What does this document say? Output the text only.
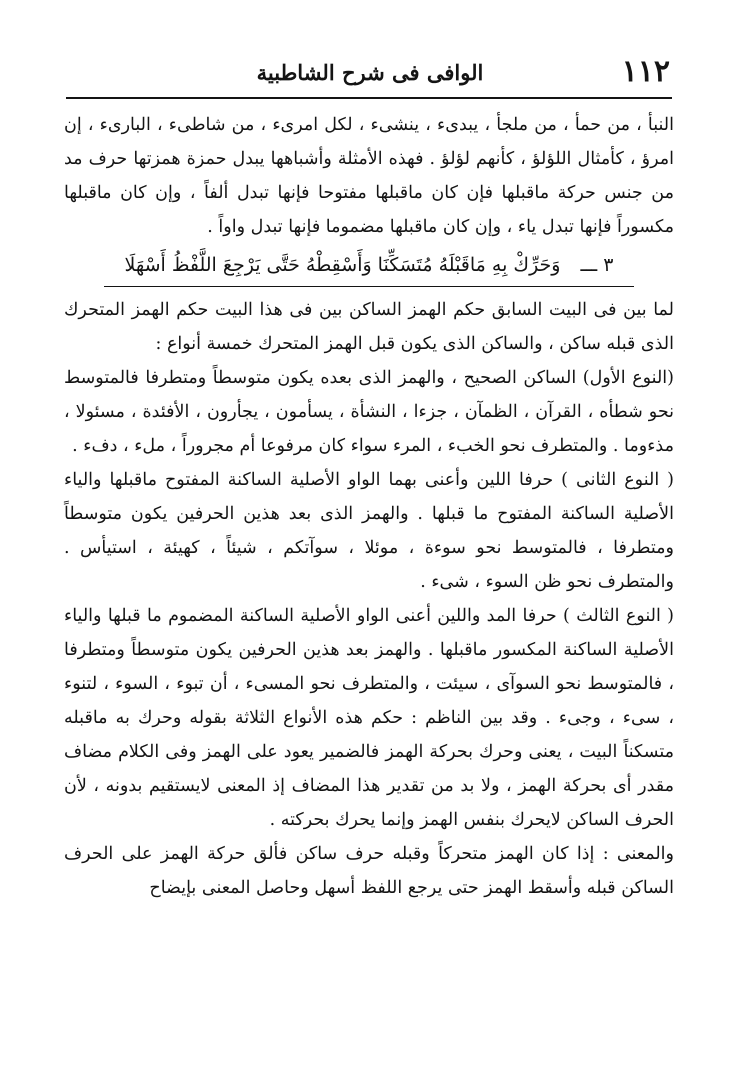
١١٢
الوافى فى شرح الشاطبية

النبأ ، من حمأ ، من ملجأ ، يبدىء ، ينشىء ، لكل امرىء ، من شاطىء ، البارىء ، إن امرؤ ، كأمثال اللؤلؤ ، كأنهم لؤلؤ . فهذه الأمثلة وأشباهها يبدل حمزة همزتها حرف مد من جنس حركة ماقبلها فإن كان ماقبلها مفتوحا فإنها تبدل ألفاً ، وإن كان ماقبلها مكسوراً فإنها تبدل ياء ، وإن كان ماقبلها مضموما فإنها تبدل واواً .

٣ ـــ وَحَرِّكْ بِهِ مَاقَبْلَهُ مُتَسَكِّنَا وَأَسْقِطْهُ حَتَّى يَرْجِعَ اللَّفْظُ أَسْهَلَا

لما بين فى البيت السابق حكم الهمز الساكن بين فى هذا البيت حكم الهمز المتحرك الذى قبله ساكن ، والساكن الذى يكون قبل الهمز المتحرك خمسة أنواع :

(النوع الأول) الساكن الصحيح ، والهمز الذى بعده يكون متوسطاً ومتطرفا فالمتوسط نحو شطأه ، القرآن ، الظمآن ، جزءا ، النشأة ، يسأمون ، يجأرون ، الأفئدة ، مسئولا ، مذءوما . والمتطرف نحو الخبء ، المرء سواء كان مرفوعا أم مجروراً ، ملء ، دفء .

( النوع الثانى ) حرفا اللين وأعنى بهما الواو الأصلية الساكنة المفتوح ماقبلها والياء الأصلية الساكنة المفتوح ما قبلها . والهمز الذى بعد هذين الحرفين يكون متوسطاً ومتطرفا ، فالمتوسط نحو سوءة ، موئلا ، سوآتكم ، شيئاً ، كهيئة ، استيأس . والمتطرف نحو ظن السوء ، شىء .

( النوع الثالث ) حرفا المد واللين أعنى الواو الأصلية الساكنة المضموم ما قبلها والياء الأصلية الساكنة المكسور ماقبلها . والهمز بعد هذين الحرفين يكون متوسطاً ومتطرفا ، فالمتوسط نحو السوآى ، سيئت ، والمتطرف نحو المسىء ، أن تبوء ، السوء ، لتنوء ، سىء ، وجىء . وقد بين الناظم : حكم هذه الأنواع الثلاثة بقوله وحرك به ماقبله متسكناً البيت ، يعنى وحرك بحركة الهمز فالضمير يعود على الهمز وفى الكلام مضاف مقدر أى بحركة الهمز ، ولا بد من تقدير هذا المضاف إذ المعنى لايستقيم بدونه ، لأن الحرف الساكن لايحرك بنفس الهمز وإنما يحرك بحركته .

والمعنى : إذا كان الهمز متحركاً وقبله حرف ساكن فألق حركة الهمز على الحرف الساكن قبله وأسقط الهمز حتى يرجع اللفظ أسهل وحاصل المعنى بإيضاح
